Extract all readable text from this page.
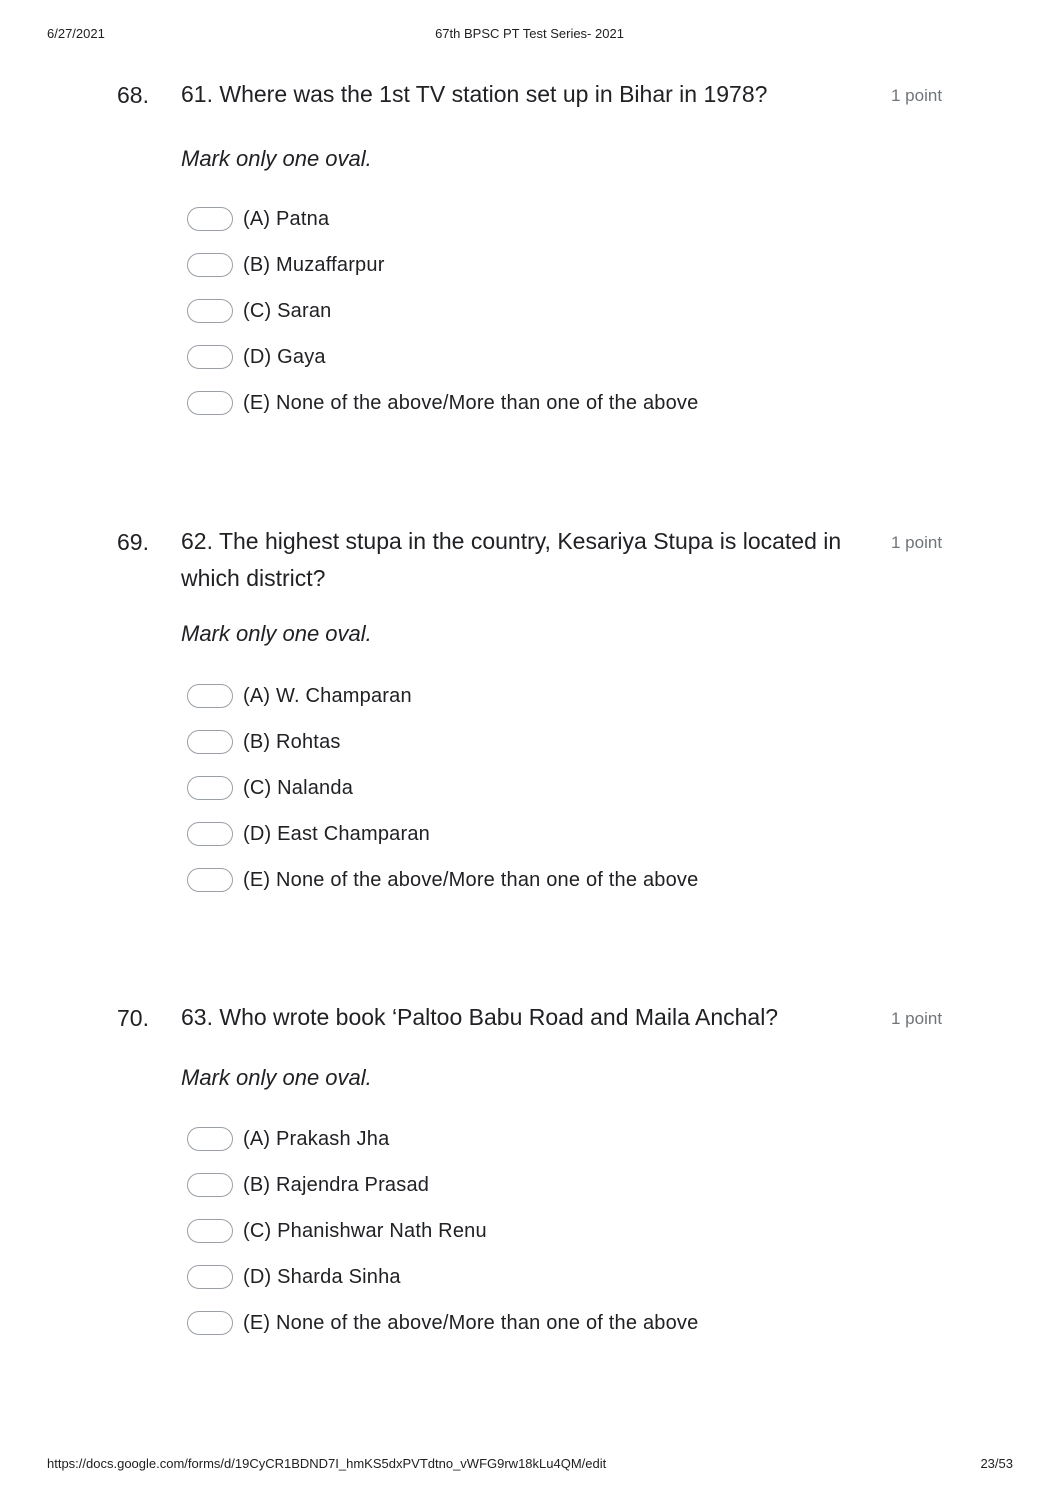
6/27/2021	67th BPSC PT Test Series- 2021
68. 61. Where was the 1st TV station set up in Bihar in 1978?	1 point
Mark only one oval.
(A) Patna
(B) Muzaffarpur
(C) Saran
(D) Gaya
(E) None of the above/More than one of the above
69. 62. The highest stupa in the country, Kesariya Stupa is located in which district?
1 point
Mark only one oval.
(A) W. Champaran
(B) Rohtas
(C) Nalanda
(D) East Champaran
(E) None of the above/More than one of the above
70. 63. Who wrote book ‘Paltoo Babu Road and Maila Anchal?	1 point
Mark only one oval.
(A) Prakash Jha
(B) Rajendra Prasad
(C) Phanishwar Nath Renu
(D) Sharda Sinha
(E) None of the above/More than one of the above
https://docs.google.com/forms/d/19CyCR1BDND7I_hmKS5dxPVTdtno_vWFG9rw18kLu4QM/edit	23/53
